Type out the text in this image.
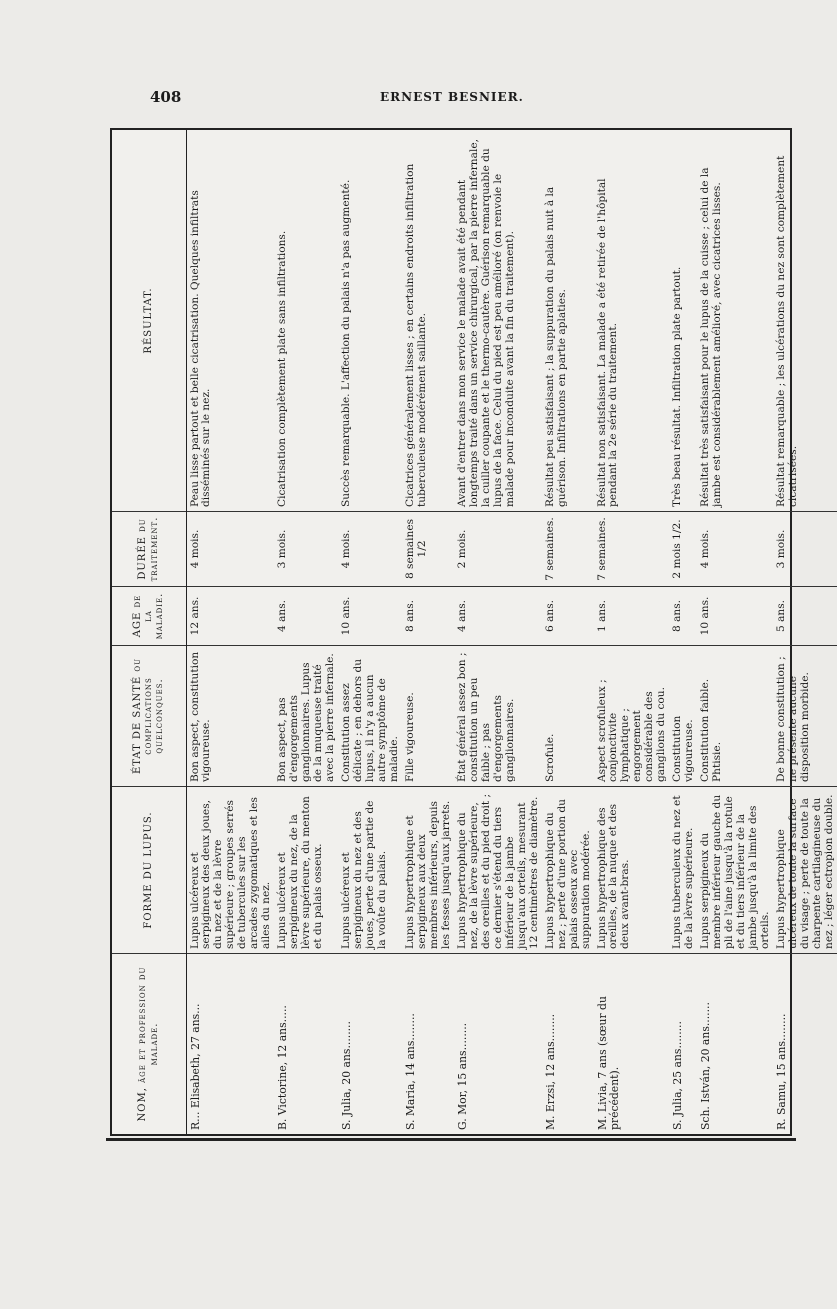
408	ERNEST BESNIER.
NOM, âge et profession du malade.	FORME DU LUPUS.	ÉTAT DE SANTÉ ou complications quelconques.	AGE de la maladie.	DURÉE du traitement.	RÉSULTAT.
R... Elisabeth, 27 ans...	Lupus ulcéreux et serpigineux des deux joues, du nez et de la lèvre supérieure ; groupes serrés de tubercules sur les arcades zygomatiques et les ailes du nez.	Bon aspect, constitution vigoureuse.	12 ans.	4 mois.	Peau lisse partout et belle cicatrisation. Quelques infiltrats disséminés sur le nez.
B. Victorine, 12 ans.....	Lupus ulcéreux et serpigineux du nez, de la lèvre supérieure, du menton et du palais osseux.	Bon aspect, pas d'engorgements ganglionnaires. Lupus de la muqueuse traité avec la pierre infernale.	4 ans.	3 mois.	Cicatrisation complètement plate sans infiltrations.
S. Julia, 20 ans........	Lupus ulcéreux et serpigineux du nez et des joues, perte d'une partie de la voûte du palais.	Constitution assez délicate ; en dehors du lupus, il n'y a aucun autre symptôme de maladie.	10 ans.	4 mois.	Succès remarquable. L'affection du palais n'a pas augmenté.
S. Maria, 14 ans........	Lupus hypertrophique et serpigineux aux deux membres inférieurs, depuis les fesses jusqu'aux jarrets.	Fille vigoureuse.	8 ans.	8 semaines 1/2	Cicatrices généralement lisses ; en certains endroits infiltration tuberculeuse modérément saillante.
G. Mor, 15 ans........	Lupus hypertrophique du nez, de la lèvre supérieure, des oreilles et du pied droit ; ce dernier s'étend du tiers inférieur de la jambe jusqu'aux orteils, mesurant 12 centimètres de diamètre.	État général assez bon ; constitution un peu faible ; pas d'engorgements ganglionnaires.	4 ans.	2 mois.	Avant d'entrer dans mon service le malade avait été pendant longtemps traité dans un service chirurgical, par la pierre infernale, la cuiller coupante et le thermo-cautère. Guérison remarquable du lupus de la face. Celui du pied est peu amélioré (on renvoie le malade pour inconduite avant la fin du traitement).
M. Erzsi, 12 ans........	Lupus hypertrophique du nez ; perte d'une portion du palais osseux avec suppuration modérée.	Scrofule.	6 ans.	7 semaines.	Résultat peu satisfaisant ; la suppuration du palais nuit à la guérison. Infiltrations en partie aplaties.
M. Livia, 7 ans (sœur du précédent).	Lupus hypertrophique des oreilles, de la nuque et des deux avant-bras.	Aspect scrofuleux ; conjonctivite lymphatique ; engorgement considérable des ganglions du cou.	1 ans.	7 semaines.	Résultat non satisfaisant. La malade a été retirée de l'hôpital pendant la 2e série du traitement.
S. Julia, 25 ans........	Lupus tuberculeux du nez et de la lèvre supérieure.	Constitution vigoureuse.	8 ans.	2 mois 1/2.	Très beau résultat. Infiltration plate partout.
Sch. István, 20 ans.......	Lupus serpigineux du membre inférieur gauche du pli de l'aine jusqu'à la rotule et du tiers inférieur de la jambe jusqu'à la limite des orteils.	Constitution faible. Phtisie.	10 ans.	4 mois.	Résultat très satisfaisant pour le lupus de la cuisse ; celui de la jambe est considérablement amélioré, avec cicatrices lisses.
R. Samu, 15 ans........	Lupus hypertrophique ulcéreux de toute la surface du visage ; perte de toute la charpente cartilagineuse du nez ; léger ectropion double.	De bonne constitution ; ne présente aucune disposition morbide.	5 ans.	3 mois.	Résultat remarquable ; les ulcérations du nez sont complètement cicatrisées.
